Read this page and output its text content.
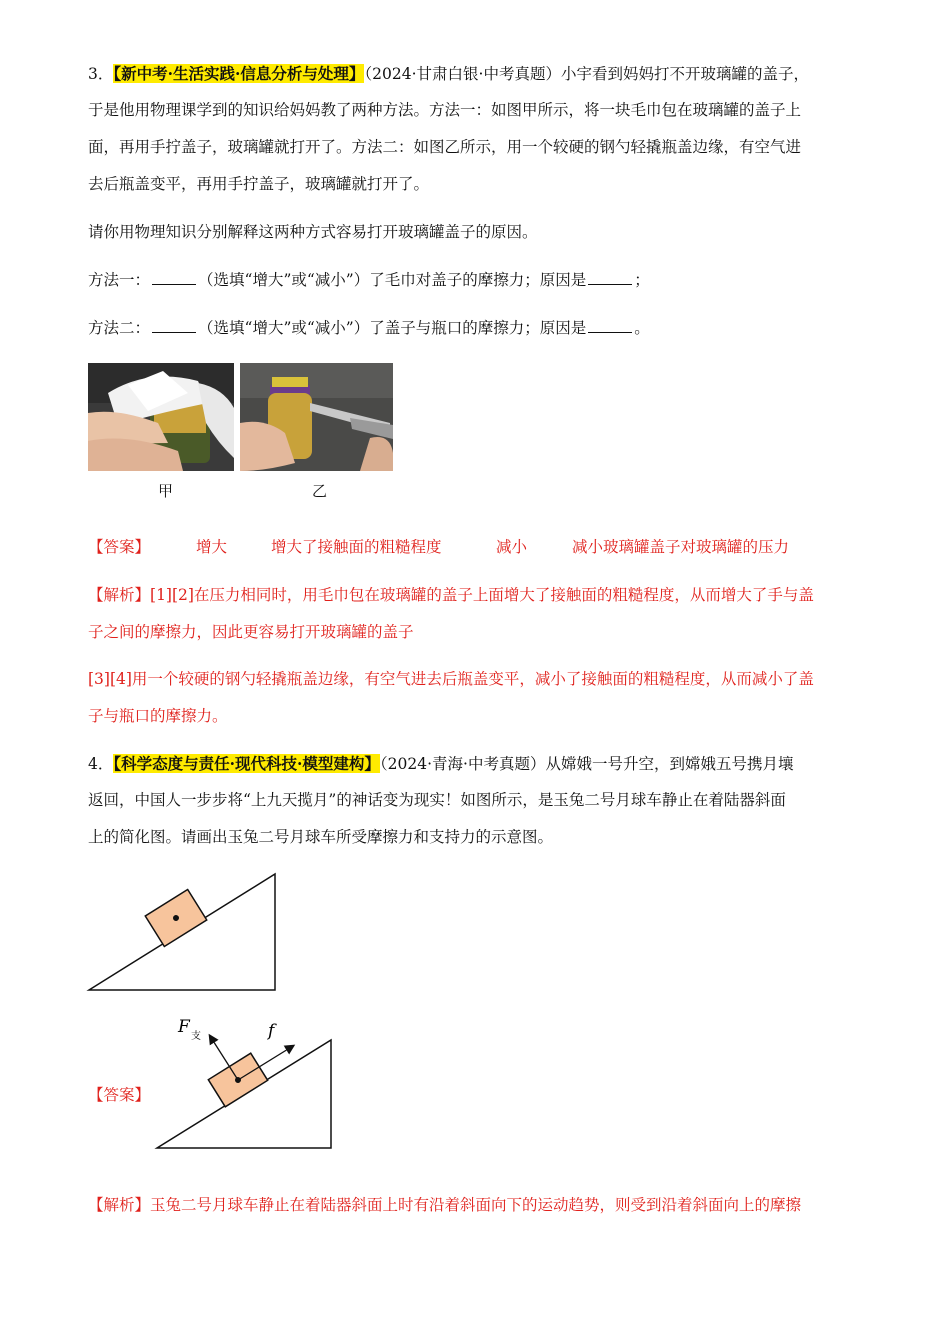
3．【新中考·生活实践·信息分析与处理】（2024·甘肃白银·中考真题）小宇看到妈妈打不开玻璃罐的盖子，

于是他用物理课学到的知识给妈妈教了两种方法。方法一：如图甲所示，将一块毛巾包在玻璃罐的盖子上

面，再用手拧盖子，玻璃罐就打开了。方法二：如图乙所示，用一个较硬的钢勺轻撬瓶盖边缘，有空气进

去后瓶盖变平，再用手拧盖子，玻璃罐就打开了。

请你用物理知识分别解释这两种方式容易打开玻璃罐盖子的原因。

方法一：	（选填“增大”或“减小”）了毛巾对盖子的摩擦力；原因是	；

方法二：	（选填“增大”或“减小”）了盖子与瓶口的摩擦力；原因是	。

甲	乙
【答案】	增大	增大了接触面的粗糙程度	减小	减小玻璃罐盖子对玻璃罐的压力

【解析】[1][2]在压力相同时，用毛巾包在玻璃罐的盖子上面增大了接触面的粗糙程度，从而增大了手与盖

子之间的摩擦力，因此更容易打开玻璃罐的盖子

[3][4]用一个较硬的钢勺轻撬瓶盖边缘，有空气进去后瓶盖变平，减小了接触面的粗糙程度，从而减小了盖

子与瓶口的摩擦力。

4．【科学态度与责任·现代科技·模型建构】（2024·青海·中考真题）从嫦娥一号升空，到嫦娥五号携月壤

返回，中国人一步步将“上九天揽月”的神话变为现实！如图所示，是玉兔二号月球车静止在着陆器斜面

上的简化图。请画出玉兔二号月球车所受摩擦力和支持力的示意图。

【答案】
F 支	f

【解析】玉兔二号月球车静止在着陆器斜面上时有沿着斜面向下的运动趋势，则受到沿着斜面向上的摩擦
